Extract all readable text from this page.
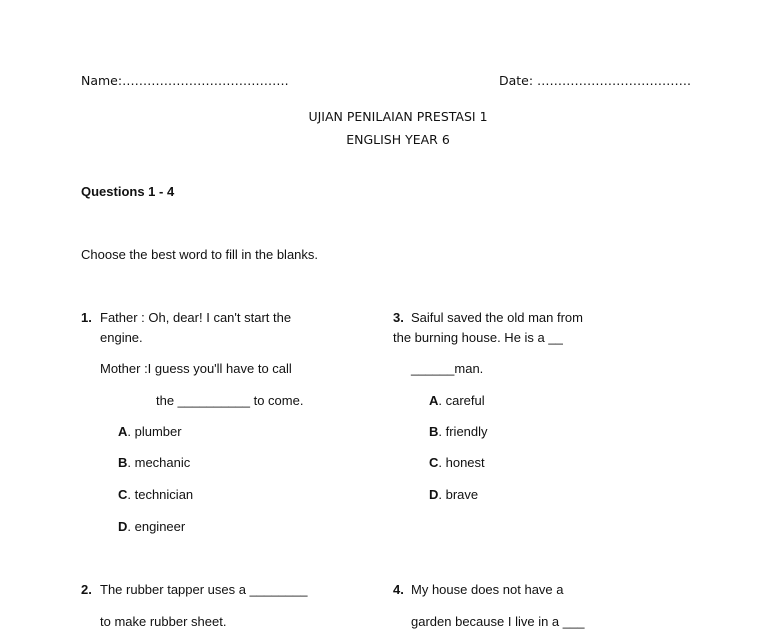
Name:………………………………….	Date: ……………………………….
UJIAN PENILAIAN PRESTASI 1
ENGLISH YEAR 6
Questions 1 - 4
Choose the best word to fill in the blanks.
1. Father : Oh, dear! I can't start the
engine.
Mother :I guess you'll have to call
the __________ to come.
A. plumber
B. mechanic
C. technician
D. engineer
2. The rubber tapper uses a ________
to make rubber sheet.
3. Saiful saved the old man from
the burning house. He is a __
______man.
A. careful
B. friendly
C. honest
D. brave
4. My house does not have a
garden because I live in a ___
